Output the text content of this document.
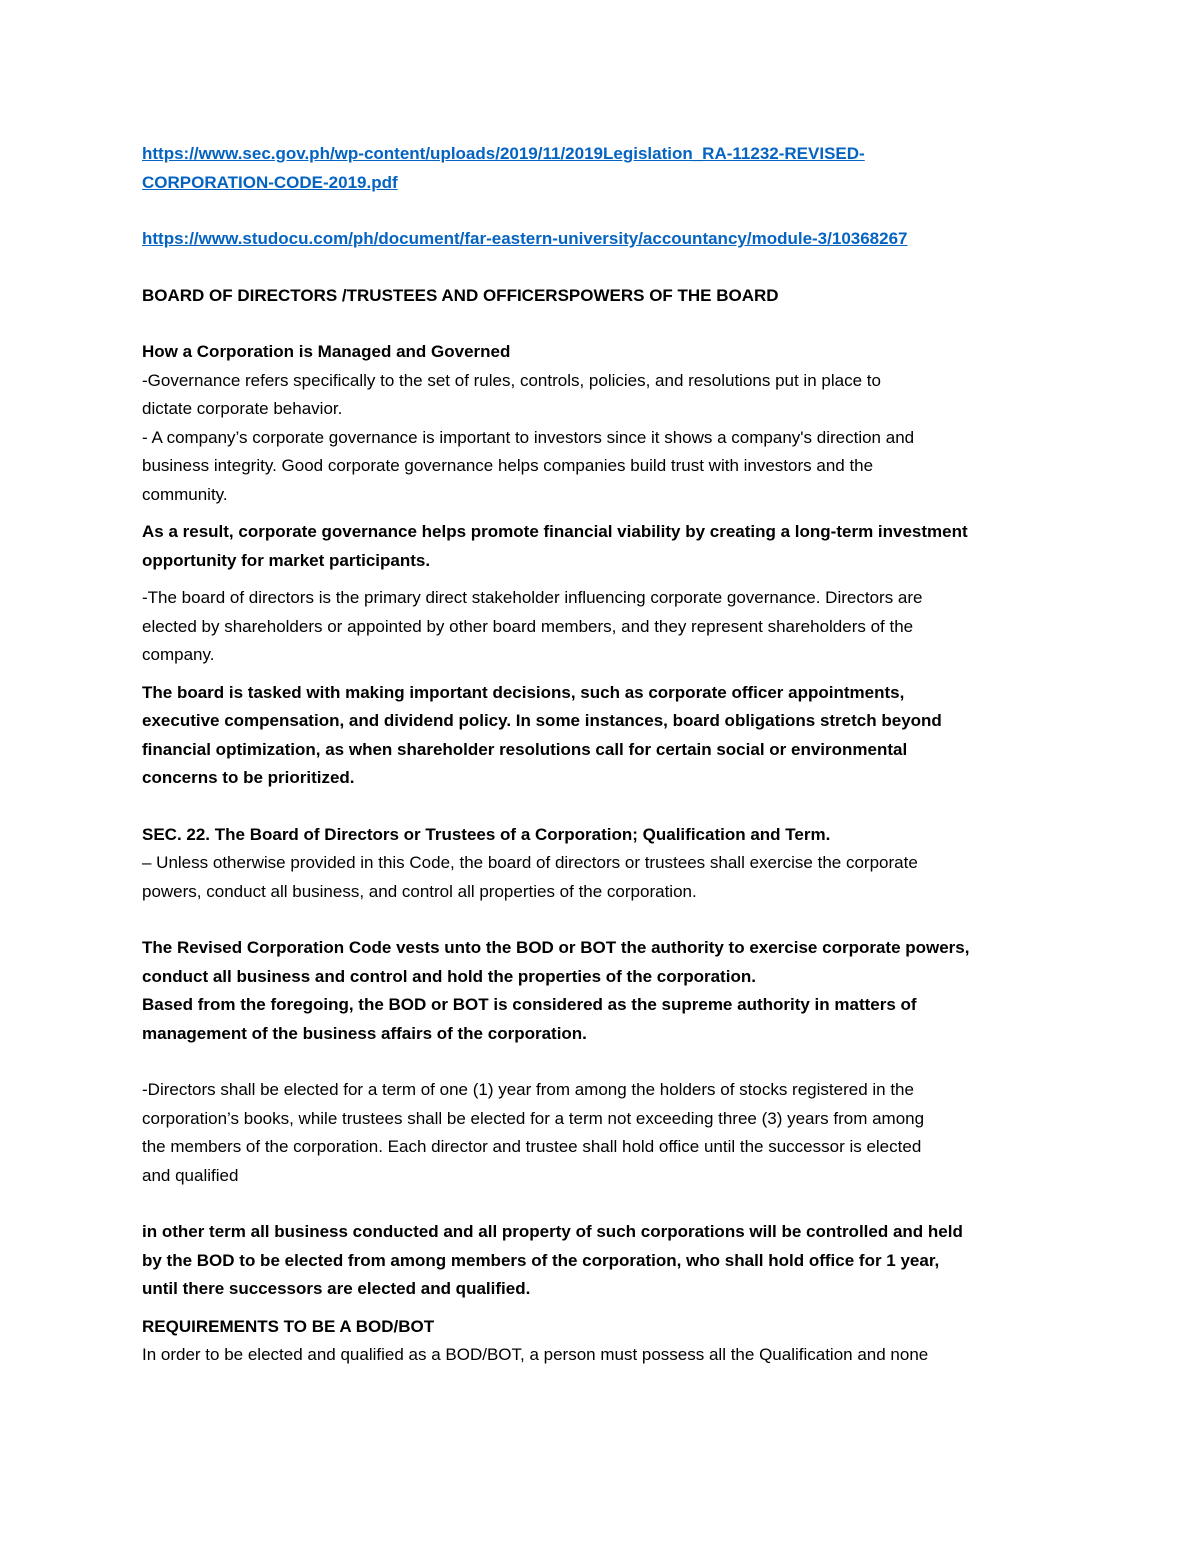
https://www.sec.gov.ph/wp-content/uploads/2019/11/2019Legislation_RA-11232-REVISED-
CORPORATION-CODE-2019.pdf
https://www.studocu.com/ph/document/far-eastern-university/accountancy/module-3/10368267

BOARD OF DIRECTORS /TRUSTEES AND OFFICERSPOWERS OF THE BOARD

How a Corporation is Managed and Governed
-Governance refers specifically to the set of rules, controls, policies, and resolutions put in place to
dictate corporate behavior.
- A company’s corporate governance is important to investors since it shows a company's direction and
business integrity. Good corporate governance helps companies build trust with investors and the
community.
As a result, corporate governance helps promote financial viability by creating a long-term investment
opportunity for market participants.
-The board of directors is the primary direct stakeholder influencing corporate governance. Directors are
elected by shareholders or appointed by other board members, and they represent shareholders of the
company.
The board is tasked with making important decisions, such as corporate officer appointments,
executive compensation, and dividend policy. In some instances, board obligations stretch beyond
financial optimization, as when shareholder resolutions call for certain social or environmental
concerns to be prioritized.
SEC. 22. The Board of Directors or Trustees of a Corporation; Qualification and Term.
– Unless otherwise provided in this Code, the board of directors or trustees shall exercise the corporate
powers, conduct all business, and control all properties of the corporation.
The Revised Corporation Code vests unto the BOD or BOT the authority to exercise corporate powers,
conduct all business and control and hold the properties of the corporation.
Based from the foregoing, the BOD or BOT is considered as the supreme authority in matters of
management of the business affairs of the corporation.
-Directors shall be elected for a term of one (1) year from among the holders of stocks registered in the
corporation’s books, while trustees shall be elected for a term not exceeding three (3) years from among
the members of the corporation. Each director and trustee shall hold office until the successor is elected
and qualified
in other term all business conducted and all property of such corporations will be controlled and held
by the BOD to be elected from among members of the corporation, who shall hold office for 1 year,
until there successors are elected and qualified.
REQUIREMENTS TO BE A BOD/BOT
In order to be elected and qualified as a BOD/BOT, a person must possess all the Qualification and none
